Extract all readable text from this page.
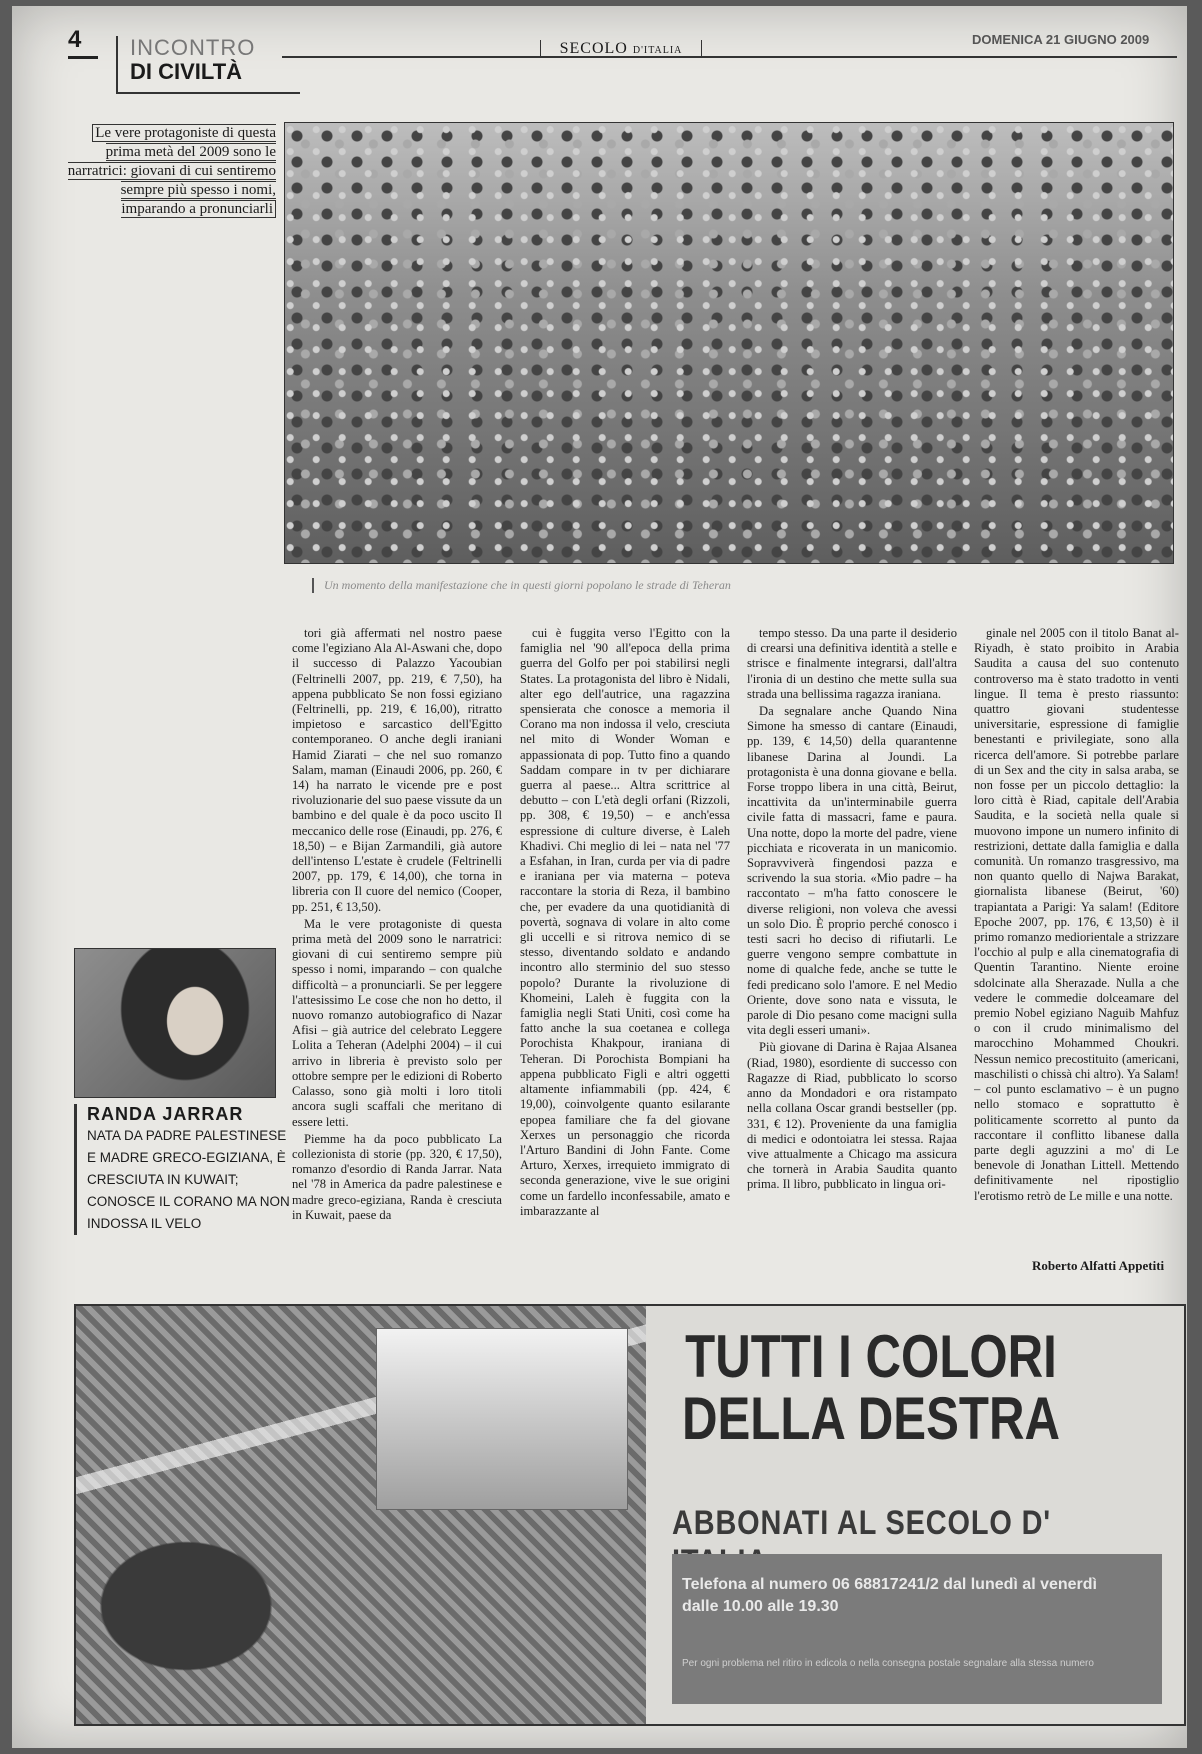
4	INCONTRO
DI CIVILTÀ
SECOLO D'ITALIA
DOMENICA 21 GIUGNO 2009
Le vere protagoniste di questa prima metà del 2009 sono le narratrici: giovani di cui sentiremo sempre più spesso i nomi, imparando a pronunciarli
Un momento della manifestazione che in questi giorni popolano le strade di Teheran
RANDA JARRAR
NATA DA PADRE PALESTINESE E MADRE GRECO-EGIZIANA, È CRESCIUTA IN KUWAIT; CONOSCE IL CORANO MA NON INDOSSA IL VELO

tori già affermati nel nostro paese come l'egiziano Ala Al-Aswani che, dopo il successo di Palazzo Yacoubian (Feltrinelli 2007, pp. 219, € 7,50), ha appena pubblicato Se non fossi egiziano (Feltrinelli, pp. 219, € 16,00), ritratto impietoso e sarcastico dell'Egitto contemporaneo. O anche degli iraniani Hamid Ziarati – che nel suo romanzo Salam, maman (Einaudi 2006, pp. 260, € 14) ha narrato le vicende pre e post rivoluzionarie del suo paese vissute da un bambino e del quale è da poco uscito Il meccanico delle rose (Einaudi, pp. 276, € 18,50) – e Bijan Zarmandili, già autore dell'intenso L'estate è crudele (Feltrinelli 2007, pp. 179, € 14,00), che torna in libreria con Il cuore del nemico (Cooper, pp. 251, € 13,50).

Ma le vere protagoniste di questa prima metà del 2009 sono le narratrici: giovani di cui sentiremo sempre più spesso i nomi, imparando – con qualche difficoltà – a pronunciarli. Se per leggere l'attesissimo Le cose che non ho detto, il nuovo romanzo autobiografico di Nazar Afisi – già autrice del celebrato Leggere Lolita a Teheran (Adelphi 2004) – il cui arrivo in libreria è previsto solo per ottobre sempre per le edizioni di Roberto Calasso, sono già molti i loro titoli ancora sugli scaffali che meritano di essere letti.

Piemme ha da poco pubblicato La collezionista di storie (pp. 320, € 17,50), romanzo d'esordio di Randa Jarrar. Nata nel '78 in America da padre palestinese e madre greco-egiziana, Randa è cresciuta in Kuwait, paese da

cui è fuggita verso l'Egitto con la famiglia nel '90 all'epoca della prima guerra del Golfo per poi stabilirsi negli States. La protagonista del libro è Nidali, alter ego dell'autrice, una ragazzina spensierata che conosce a memoria il Corano ma non indossa il velo, cresciuta nel mito di Wonder Woman e appassionata di pop. Tutto fino a quando Saddam compare in tv per dichiarare guerra al paese... Altra scrittrice al debutto – con L'età degli orfani (Rizzoli, pp. 308, € 19,50) – e anch'essa espressione di culture diverse, è Laleh Khadivi. Chi meglio di lei – nata nel '77 a Esfahan, in Iran, curda per via di padre e iraniana per via materna – poteva raccontare la storia di Reza, il bambino che, per evadere da una quotidianità di povertà, sognava di volare in alto come gli uccelli e si ritrova nemico di se stesso, diventando soldato e andando incontro allo sterminio del suo stesso popolo? Durante la rivoluzione di Khomeini, Laleh è fuggita con la famiglia negli Stati Uniti, così come ha fatto anche la sua coetanea e collega Porochista Khakpour, iraniana di Teheran. Di Porochista Bompiani ha appena pubblicato Figli e altri oggetti altamente infiammabili (pp. 424, € 19,00), coinvolgente quanto esilarante epopea familiare che fa del giovane Xerxes un personaggio che ricorda l'Arturo Bandini di John Fante. Come Arturo, Xerxes, irrequieto immigrato di seconda generazione, vive le sue origini come un fardello inconfessabile, amato e imbarazzante al

tempo stesso. Da una parte il desiderio di crearsi una definitiva identità a stelle e strisce e finalmente integrarsi, dall'altra l'ironia di un destino che mette sulla sua strada una bellissima ragazza iraniana.

Da segnalare anche Quando Nina Simone ha smesso di cantare (Einaudi, pp. 139, € 14,50) della quarantenne libanese Darina al Joundi. La protagonista è una donna giovane e bella. Forse troppo libera in una città, Beirut, incattivita da un'interminabile guerra civile fatta di massacri, fame e paura. Una notte, dopo la morte del padre, viene picchiata e ricoverata in un manicomio. Sopravviverà fingendosi pazza e scrivendo la sua storia. «Mio padre – ha raccontato – m'ha fatto conoscere le diverse religioni, non voleva che avessi un solo Dio. È proprio perché conosco i testi sacri ho deciso di rifiutarli. Le guerre vengono sempre combattute in nome di qualche fede, anche se tutte le fedi predicano solo l'amore. E nel Medio Oriente, dove sono nata e vissuta, le parole di Dio pesano come macigni sulla vita degli esseri umani».

Più giovane di Darina è Rajaa Alsanea (Riad, 1980), esordiente di successo con Ragazze di Riad, pubblicato lo scorso anno da Mondadori e ora ristampato nella collana Oscar grandi bestseller (pp. 331, € 12). Proveniente da una famiglia di medici e odontoiatra lei stessa. Rajaa vive attualmente a Chicago ma assicura che tornerà in Arabia Saudita quanto prima. Il libro, pubblicato in lingua ori-

ginale nel 2005 con il titolo Banat al-Riyadh, è stato proibito in Arabia Saudita a causa del suo contenuto controverso ma è stato tradotto in venti lingue. Il tema è presto riassunto: quattro giovani studentesse universitarie, espressione di famiglie benestanti e privilegiate, sono alla ricerca dell'amore. Si potrebbe parlare di un Sex and the city in salsa araba, se non fosse per un piccolo dettaglio: la loro città è Riad, capitale dell'Arabia Saudita, e la società nella quale si muovono impone un numero infinito di restrizioni, dettate dalla famiglia e dalla comunità. Un romanzo trasgressivo, ma non quanto quello di Najwa Barakat, giornalista libanese (Beirut, '60) trapiantata a Parigi: Ya salam! (Editore Epoche 2007, pp. 176, € 13,50) è il primo romanzo mediorientale a strizzare l'occhio al pulp e alla cinematografia di Quentin Tarantino. Niente eroine sdolcinate alla Sherazade. Nulla a che vedere le commedie dolceamare del premio Nobel egiziano Naguib Mahfuz o con il crudo minimalismo del marocchino Mohammed Choukri. Nessun nemico precostituito (americani, maschilisti o chissà chi altro). Ya Salam! – col punto esclamativo – è un pugno nello stomaco e soprattutto è politicamente scorretto al punto da raccontare il conflitto libanese dalla parte degli aguzzini a mo' di Le benevole di Jonathan Littell. Mettendo definitivamente nel ripostiglio l'erotismo retrò de Le mille e una notte.

Roberto Alfatti Appetiti
TUTTI I COLORI
DELLA DESTRA
ABBONATI AL SECOLO D'
Telefona al numero 06 68817241/2 dal lunedì al venerdì
dalle 10.00 alle 19.30
Per ogni problema nel ritiro in edicola o nella consegna postale segnalare alla stessa numero
